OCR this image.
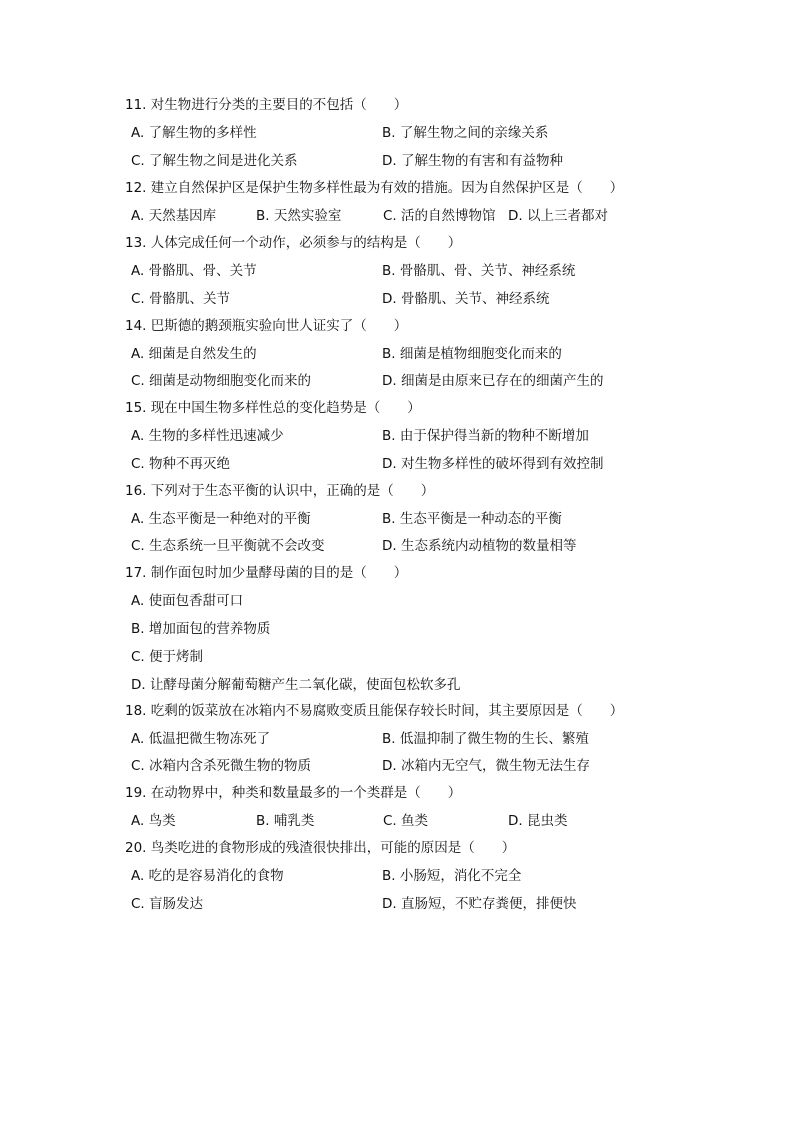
11. 对生物进行分类的主要目的不包括（　　）
A. 了解生物的多样性	B. 了解生物之间的亲缘关系
C. 了解生物之间是进化关系	D. 了解生物的有害和有益物种
12. 建立自然保护区是保护生物多样性最为有效的措施。因为自然保护区是（　　）
A. 天然基因库	B. 天然实验室	C. 活的自然博物馆 D. 以上三者都对
13. 人体完成任何一个动作，必须参与的结构是（　　）
A. 骨骼肌、骨、关节	B. 骨骼肌、骨、关节、神经系统
C. 骨骼肌、关节	D. 骨骼肌、关节、神经系统
14. 巴斯德的鹅颈瓶实验向世人证实了（　　）
A. 细菌是自然发生的	B. 细菌是植物细胞变化而来的
C. 细菌是动物细胞变化而来的	D. 细菌是由原来已存在的细菌产生的
15. 现在中国生物多样性总的变化趋势是（　　）
A. 生物的多样性迅速减少	B. 由于保护得当新的物种不断增加
C. 物种不再灭绝	D. 对生物多样性的破坏得到有效控制
16. 下列对于生态平衡的认识中，正确的是（　　）
A. 生态平衡是一种绝对的平衡	B. 生态平衡是一种动态的平衡
C. 生态系统一旦平衡就不会改变	D. 生态系统内动植物的数量相等
17. 制作面包时加少量酵母菌的目的是（　　）
A. 使面包香甜可口
B. 增加面包的营养物质
C. 便于烤制
D. 让酵母菌分解葡萄糖产生二氧化碳，使面包松软多孔
18. 吃剩的饭菜放在冰箱内不易腐败变质且能保存较长时间，其主要原因是（　　）
A. 低温把微生物冻死了	B. 低温抑制了微生物的生长、繁殖
C. 冰箱内含杀死微生物的物质	D. 冰箱内无空气，微生物无法生存
19. 在动物界中，种类和数量最多的一个类群是（　　）
A. 鸟类	B. 哺乳类	C. 鱼类	D. 昆虫类
20. 鸟类吃进的食物形成的残渣很快排出，可能的原因是（　　）
A. 吃的是容易消化的食物	B. 小肠短，消化不完全
C. 盲肠发达	D. 直肠短，不贮存粪便，排便快
